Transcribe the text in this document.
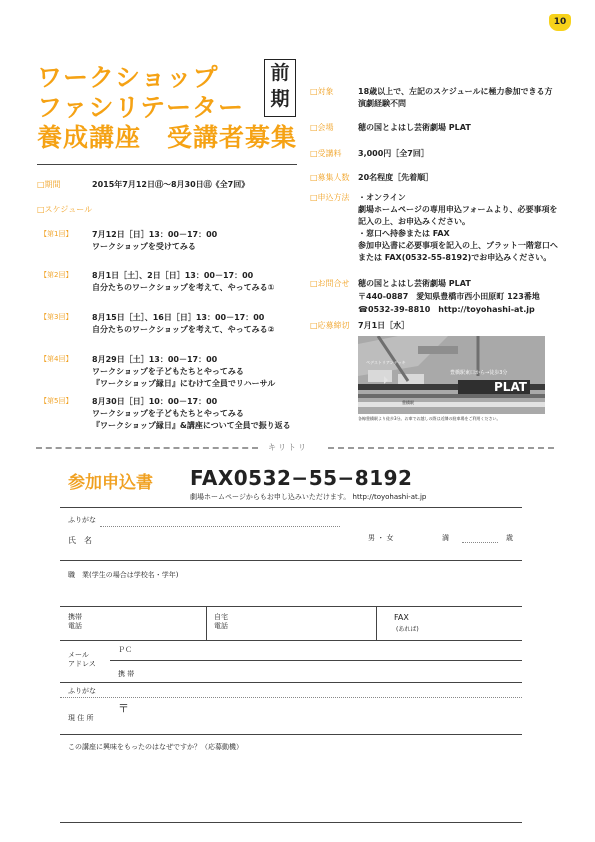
10
ワークショップ
ファシリテーター
養成講座　受講者募集
前
期
□期間	2015年7月12日㊐～8月30日㊐《全7回》
□スケジュール
【第1回】 7月12日［日］13：00－17：00
ワークショップを受けてみる
【第2回】 8月1日［土］、2日［日］13：00－17：00
自分たちのワークショップを考えて、やってみる①
【第3回】 8月15日［土］、16日［日］13：00－17：00
自分たちのワークショップを考えて、やってみる②
【第4回】 8月29日［土］13：00－17：00
ワークショップを子どもたちとやってみる
『ワークショップ縁日』にむけて全員でリハーサル
【第5回】 8月30日［日］10：00－17：00
ワークショップを子どもたちとやってみる
『ワークショップ縁日』&講座について全員で振り返る
□対象	18歳以上で、左記のスケジュールに極力参加できる方
演劇経験不問
□会場	穂の国とよはし芸術劇場 PLAT
□受講料 3,000円［全7回］
□募集人数 20名程度［先着順］
□申込方法 ・オンライン
劇場ホームページの専用申込フォームより、必要事項を
記入の上、お申込みください。
・窓口へ持参または FAX
参加申込書に必要事項を記入の上、プラット一階窓口へ
または FAX(0532-55-8192)でお申込みください。
□お問合せ 穂の国とよはし芸術劇場 PLAT
〒440-0887　愛知県豊橋市西小田原町 123番地
☎0532-39-8810　http://toyohashi-at.jp
□応募締切 7月1日［水］
PLAT
豊橋駅東口から→徒歩3分
ペデストリアンデッキ
豊橋駅
各線豊橋駅より徒歩3分。お車でお越しの際は近隣の駐車場をご利用ください。
キリトリ
参加申込書 FAX0532−55−8192
劇場ホームページからもお申し込みいただけます。 http://toyohashi-at.jp
ふりがな
氏　名	男 ・ 女	満	歳
職　業(学生の場合は学校名・学年)
携帯
電話
自宅
電話
FAX
(あれば)
メール
アドレス
ＰＣ
携 帯
ふりがな
現 住 所
〒
この講座に興味をもったのはなぜですか？（応募動機）
